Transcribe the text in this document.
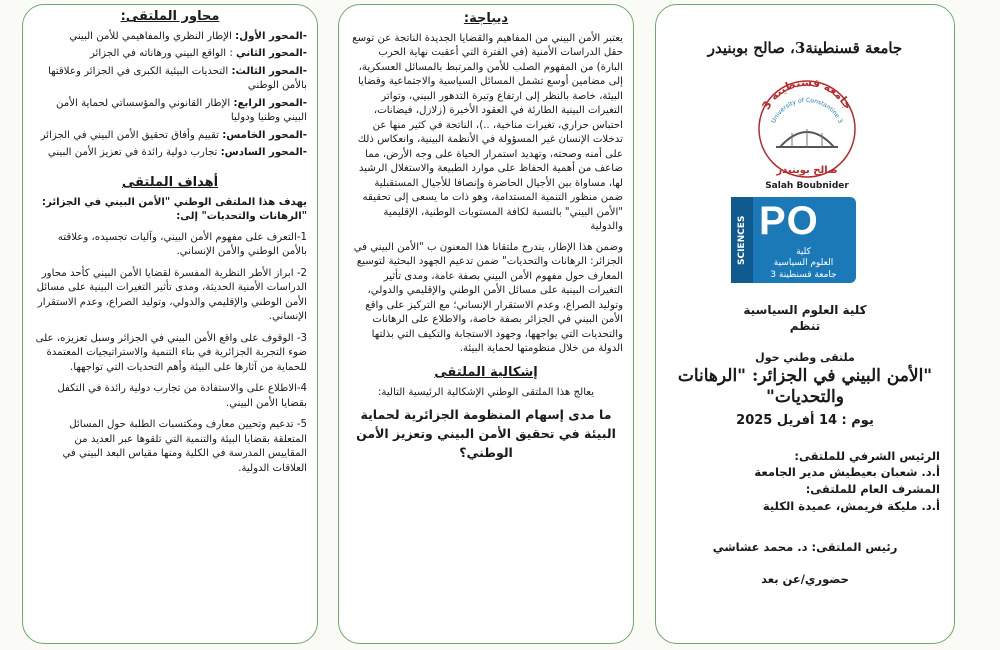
محاور الملتقى:
-المحور الأول: الإطار النظري والمفاهيمي للأمن البيني
-المحور الثاني : الواقع البيني ورهاناته في الجزائر
-المحور الثالث: التحديات البيئية الكبرى في الجزائر وعلاقتها بالأمن الوطني
-المحور الرابع: الإطار القانوني والمؤسساتي لحماية الأمن البيني وطنيا ودوليا
-المحور الخامس: تقييم وأفاق تحقيق الأمن البيني في الجزائر
-المحور السادس: تجارب دولية رائدة في تعزيز الأمن البيني
أهداف الملتقى

يهدف هذا الملتقى الوطني "الأمن البيني في الجزائر: "الرهانات والتحديات" إلى:

1-التعرف على مفهوم الأمن البيني، وآليات تجسيده، وعلاقته بالأمن الوطني والأمن الإنساني.

2- ابراز الأطر النظرية المفسرة لقضايا الأمن البيني كأحد محاور الدراسات الأمنية الحديثة، ومدى تأثير التغيرات البينية على مسائل الأمن الوطني والإقليمي والدولي، وتوليد الصراع، وعدم الاستقرار الإنساني.

3- الوقوف على واقع الأمن البيني في الجزائر وسبل تعزيزه، على ضوء التجربة الجزائرية في بناء التنمية والاستراتيجيات المعتمدة للحماية من آثارها على البيئة وأهم التحديات التي تواجهها.

4-الاطلاع على والاستفادة من تجارب دولية رائدة في التكفل بقضايا الأمن البيني.

5- تدعيم وتحيين معارف ومكتسبات الطلبة حول المسائل المتعلقة بقضايا البيئة والتنمية التي تلقوها عبر العديد من المقاييس المدرسة في الكلية ومنها مقياس البعد البيني في العلاقات الدولية.

ديباجة:

يعتبر الأمن البيني من المفاهيم والقضايا الجديدة الناتجة عن توسع حقل الدراسات الأمنية (في الفترة التي أعقبت نهاية الحرب البارة) من المفهوم الصلب للأمن والمرتبط بالمسائل العسكرية، إلى مضامين أوسع تشمل المسائل السياسية والاجتماعية وقضايا البيئة، خاصة بالنظر إلى ارتفاع وتيرة التدهور البيني، وتواتر التغيرات البينية الطارئة في العقود الأخيرة (زلازل، فيضانات، احتباس حراري، تغيرات مناخية، ..)، الناتجة في كثير منها عن تدخلات الإنسان غير المسؤولة في الأنظمة البينية، وانعكاس ذلك على أمنه وصحته، وتهديد استمرار الحياة على وجه الأرض، مما ضاعف من أهمية الحفاظ على موارد الطبيعة والاستغلال الرشيد لها، مساواة بين الأجيال الحاضرة وإنصافا للأجيال المستقبلية ضمن منظور التنمية المستدامة، وهو ذات ما يسعى إلى تحقيقه "الأمن البيني" بالنسبة لكافة المستويات الوطنية، الإقليمية والدولية

وضمن هذا الإطار، يندرج ملتقانا هذا المعنون ب "الأمن البيني في الجزائر: الرهانات والتحديات" ضمن تدعيم الجهود البحثية لتوسيع المعارف حول مفهوم الأمن البيني بصفة عامة، ومدى تأثير التغيرات البينية على مسائل الأمن الوطني والإقليمي والدولي، وتوليد الصراع، وعدم الاستقرار الإنساني؛ مع التركيز على واقع الأمن البيني في الجزائر بصفة خاصة، والاطلاع على الرهانات والتحديات التي يواجهها، وجهود الاستجابة والتكيف التي بذلتها الدولة من خلال منظومتها لحماية البيئة.

إشكالية الملتقى
يعالج هذا الملتقى الوطني الإشكالية الرئيسية التالية:
ما مدى إسهام المنظومة الجزائرية لحماية البيئة في تحقيق الأمن البيني وتعزيز الأمن الوطني؟
جامعة قسنطينة3، صالح بوبنيدر
جامعة قسنطينة 3
University of Constantine 3
صالح بوبنيدر
Salah Boubnider
SCIENCES PO
كلية
العلوم السياسية
جامعة قسنطينة 3
كلية العلوم السياسية
تنظم
ملتقى وطني حول
"الأمن البيني في الجزائر: "الرهانات والتحديات"
يوم : 14 أفريل 2025
الرئيس الشرفي للملتقى:
أ.د. شعبان بعيطيش مدير الجامعة
المشرف العام للملتقى:
أ.د. مليكة فريمش، عميدة الكلية
رئيس الملتقى: د. محمد عشاشي
حضوري/عن بعد
